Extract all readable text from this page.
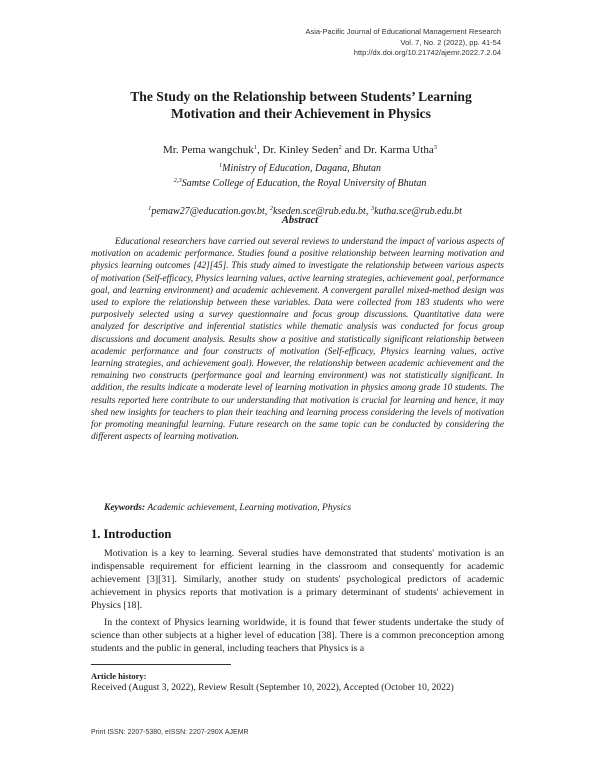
Asia-Pacific Journal of Educational Management Research
Vol. 7, No. 2 (2022), pp. 41-54
http://dx.doi.org/10.21742/ajemr.2022.7.2.04
The Study on the Relationship between Students’ Learning
Motivation and their Achievement in Physics
Mr. Pema wangchuk$^1$, Dr. Kinley Seden$^2$ and Dr. Karma Utha$^3$
$^1$Ministry of Education, Dagana, Bhutan
$^{2,3}$Samtse College of Education, the Royal University of Bhutan

$^1$pemaw27@education.gov.bt, $^2$kseden.sce@rub.edu.bt, $^3$kutha.sce@rub.edu.bt

Abstract

Educational researchers have carried out several reviews to understand the impact of various aspects of motivation on academic performance. Studies found a positive relationship between learning motivation and physics learning outcomes [42][45]. This study aimed to investigate the relationship between various aspects of motivation (Self-efficacy, Physics learning values, active learning strategies, achievement goal, performance goal, and learning environment) and academic achievement. A convergent parallel mixed-method design was used to explore the relationship between these variables. Data were collected from 183 students who were purposively selected using a survey questionnaire and focus group discussions. Quantitative data were analyzed for descriptive and inferential statistics while thematic analysis was conducted for focus group discussions and document analysis. Results show a positive and statistically significant relationship between academic performance and four constructs of motivation (Self-efficacy, Physics learning values, active learning strategies, and achievement goal). However, the relationship between academic achievement and the remaining two constructs (performance goal and learning environment) was not statistically significant. In addition, the results indicate a moderate level of learning motivation in physics among grade 10 students. The results reported here contribute to our understanding that motivation is crucial for learning and hence, it may shed new insights for teachers to plan their teaching and learning process considering the levels of motivation for promoting meaningful learning. Future research on the same topic can be conducted by considering the different aspects of learning motivation.

Keywords: Academic achievement, Learning motivation, Physics
1. Introduction

Motivation is a key to learning. Several studies have demonstrated that students' motivation is an indispensable requirement for efficient learning in the classroom and consequently for academic achievement [3][31]. Similarly, another study on students' psychological predictors of academic achievement in physics reports that motivation is a primary determinant of students' achievement in Physics [18].

In the context of Physics learning worldwide, it is found that fewer students undertake the study of science than other subjects at a higher level of education [38]. There is a common preconception among students and the public in general, including teachers that Physics is a

Article history:
Received (August 3, 2022), Review Result (September 10, 2022), Accepted (October 10, 2022)
Print ISSN: 2207-5380, eISSN: 2207-290X AJEMR
